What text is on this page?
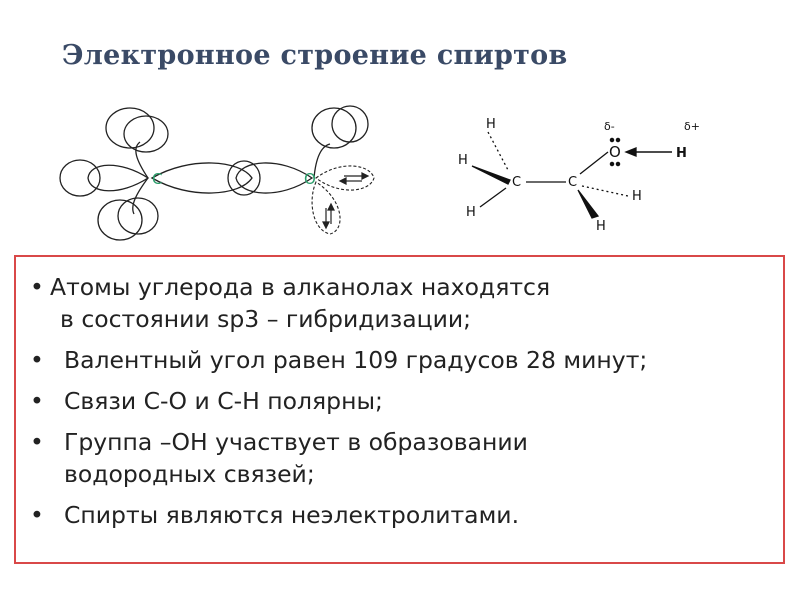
Электронное строение спиртов
C	O
H
H
H
C	C
O	H
H
H
δ-	δ+
• Атомы углерода в алканолах находятся
в состоянии sp3 – гибридизации;
• Валентный угол равен 109 градусов 28 минут;
• Связи С-О и С-Н полярны;
• Группа –ОН участвует в образовании
водородных связей;
• Спирты являются неэлектролитами.
